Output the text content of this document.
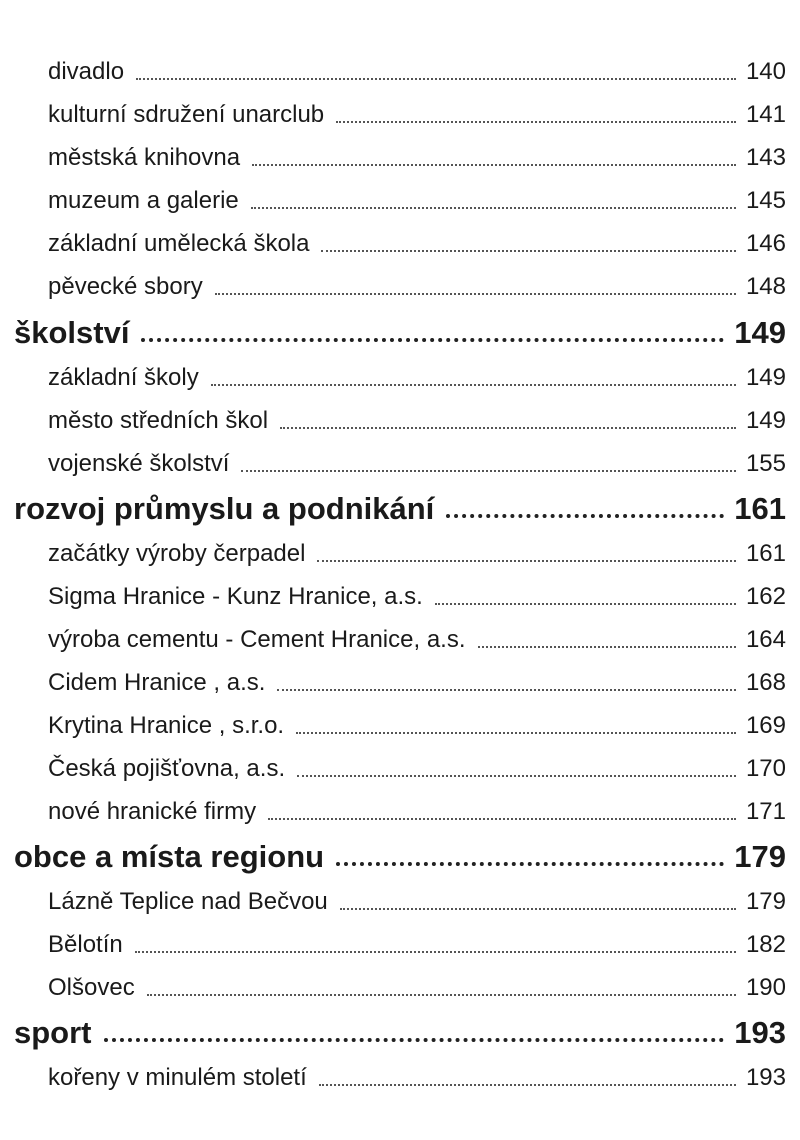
divadlo	140
kulturní sdružení unarclub	141
městská knihovna	143
muzeum a galerie	145
základní umělecká škola	146
pěvecké sbory	148
školství	149
základní školy	149
město středních škol	149
vojenské školství	155
rozvoj průmyslu a podnikání	161
začátky výroby čerpadel	161
Sigma Hranice - Kunz Hranice, a.s.	162
výroba cementu - Cement Hranice, a.s.	164
Cidem Hranice , a.s.	168
Krytina Hranice , s.r.o.	169
Česká pojišťovna, a.s.	170
nové hranické firmy	171
obce a místa regionu	179
Lázně Teplice nad Bečvou	179
Bělotín	182
Olšovec	190
sport	193
kořeny v minulém století	193
